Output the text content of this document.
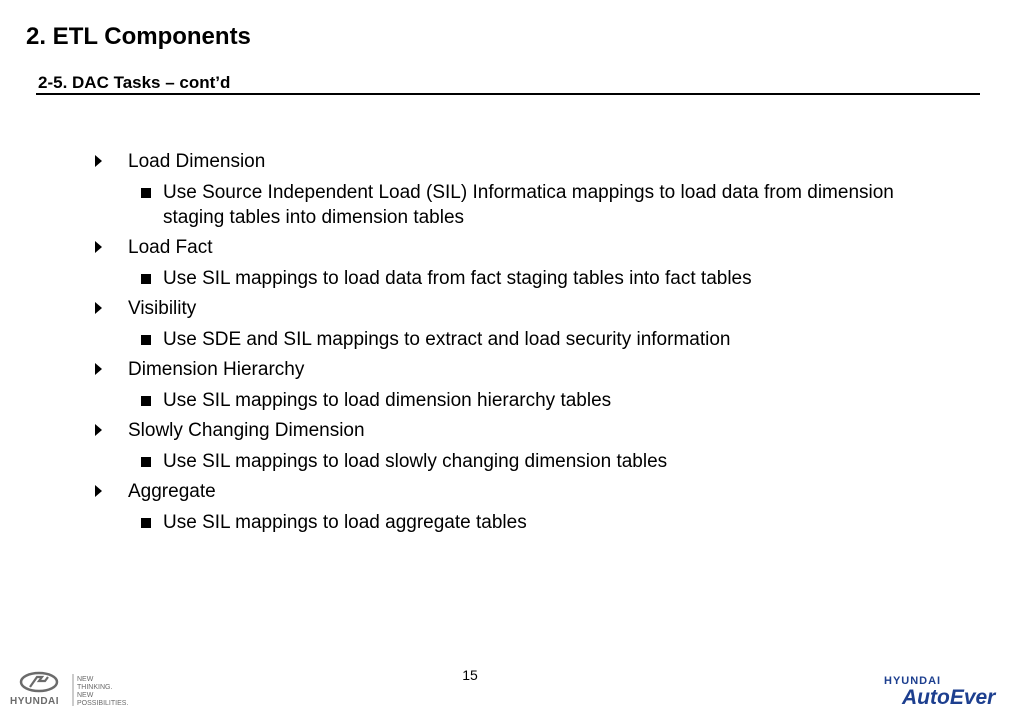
2. ETL Components
2-5. DAC Tasks – cont’d
Load Dimension
Use Source Independent Load (SIL) Informatica mappings to load data from dimension staging tables into dimension tables
Load Fact
Use SIL mappings to load data from fact staging tables into fact tables
Visibility
Use SDE and SIL mappings to extract and load security information
Dimension Hierarchy
Use SIL mappings to load dimension hierarchy tables
Slowly Changing Dimension
Use SIL mappings to load slowly changing dimension tables
Aggregate
Use SIL mappings to load aggregate tables
15
HYUNDAI
NEW
THINKING.
NEW
POSSIBILITIES.
HYUNDAI
AutoEver
